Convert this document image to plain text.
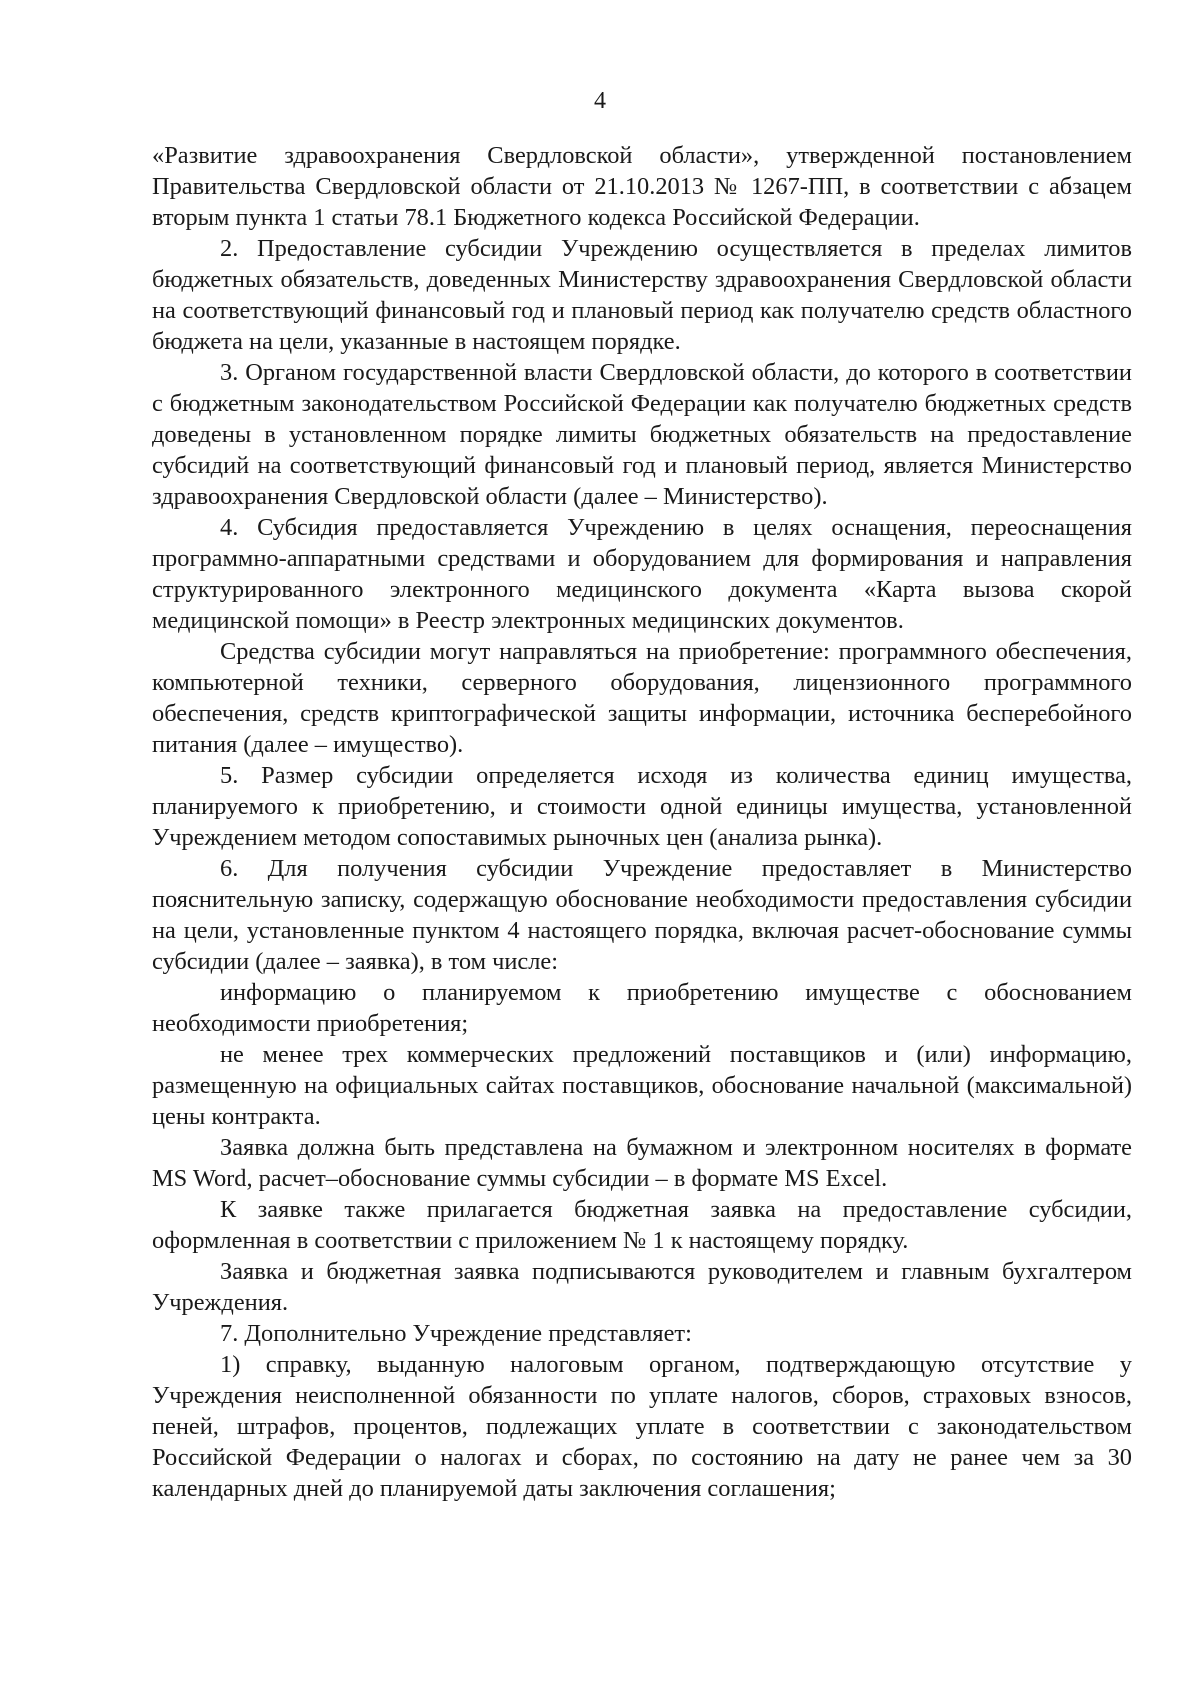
4

«Развитие здравоохранения Свердловской области», утвержденной постановлением Правительства Свердловской области от 21.10.2013 № 1267-ПП, в соответствии с абзацем вторым пункта 1 статьи 78.1 Бюджетного кодекса Российской Федерации.

2. Предоставление субсидии Учреждению осуществляется в пределах лимитов бюджетных обязательств, доведенных Министерству здравоохранения Свердловской области на соответствующий финансовый год и плановый период как получателю средств областного бюджета на цели, указанные в настоящем порядке.

3. Органом государственной власти Свердловской области, до которого в соответствии с бюджетным законодательством Российской Федерации как получателю бюджетных средств доведены в установленном порядке лимиты бюджетных обязательств на предоставление субсидий на соответствующий финансовый год и плановый период, является Министерство здравоохранения Свердловской области (далее – Министерство).

4. Субсидия предоставляется Учреждению в целях оснащения, переоснащения программно-аппаратными средствами и оборудованием для формирования и направления структурированного электронного медицинского документа «Карта вызова скорой медицинской помощи» в Реестр электронных медицинских документов.

Средства субсидии могут направляться на приобретение: программного обеспечения, компьютерной техники, серверного оборудования, лицензионного программного обеспечения, средств криптографической защиты информации, источника бесперебойного питания (далее – имущество).

5. Размер субсидии определяется исходя из количества единиц имущества, планируемого к приобретению, и стоимости одной единицы имущества, установленной Учреждением методом сопоставимых рыночных цен (анализа рынка).

6. Для получения субсидии Учреждение предоставляет в Министерство пояснительную записку, содержащую обоснование необходимости предоставления субсидии на цели, установленные пунктом 4 настоящего порядка, включая расчет-обоснование суммы субсидии (далее – заявка), в том числе:

информацию о планируемом к приобретению имуществе с обоснованием необходимости приобретения;

не менее трех коммерческих предложений поставщиков и (или) информацию, размещенную на официальных сайтах поставщиков, обоснование начальной (максимальной) цены контракта.

Заявка должна быть представлена на бумажном и электронном носителях в формате MS Word, расчет–обоснование суммы субсидии – в формате MS Excel.

К заявке также прилагается бюджетная заявка на предоставление субсидии, оформленная в соответствии с приложением № 1 к настоящему порядку.

Заявка и бюджетная заявка подписываются руководителем и главным бухгалтером Учреждения.

7. Дополнительно Учреждение представляет:

1) справку, выданную налоговым органом, подтверждающую отсутствие у Учреждения неисполненной обязанности по уплате налогов, сборов, страховых взносов, пеней, штрафов, процентов, подлежащих уплате в соответствии с законодательством Российской Федерации о налогах и сборах, по состоянию на дату не ранее чем за 30 календарных дней до планируемой даты заключения соглашения;
